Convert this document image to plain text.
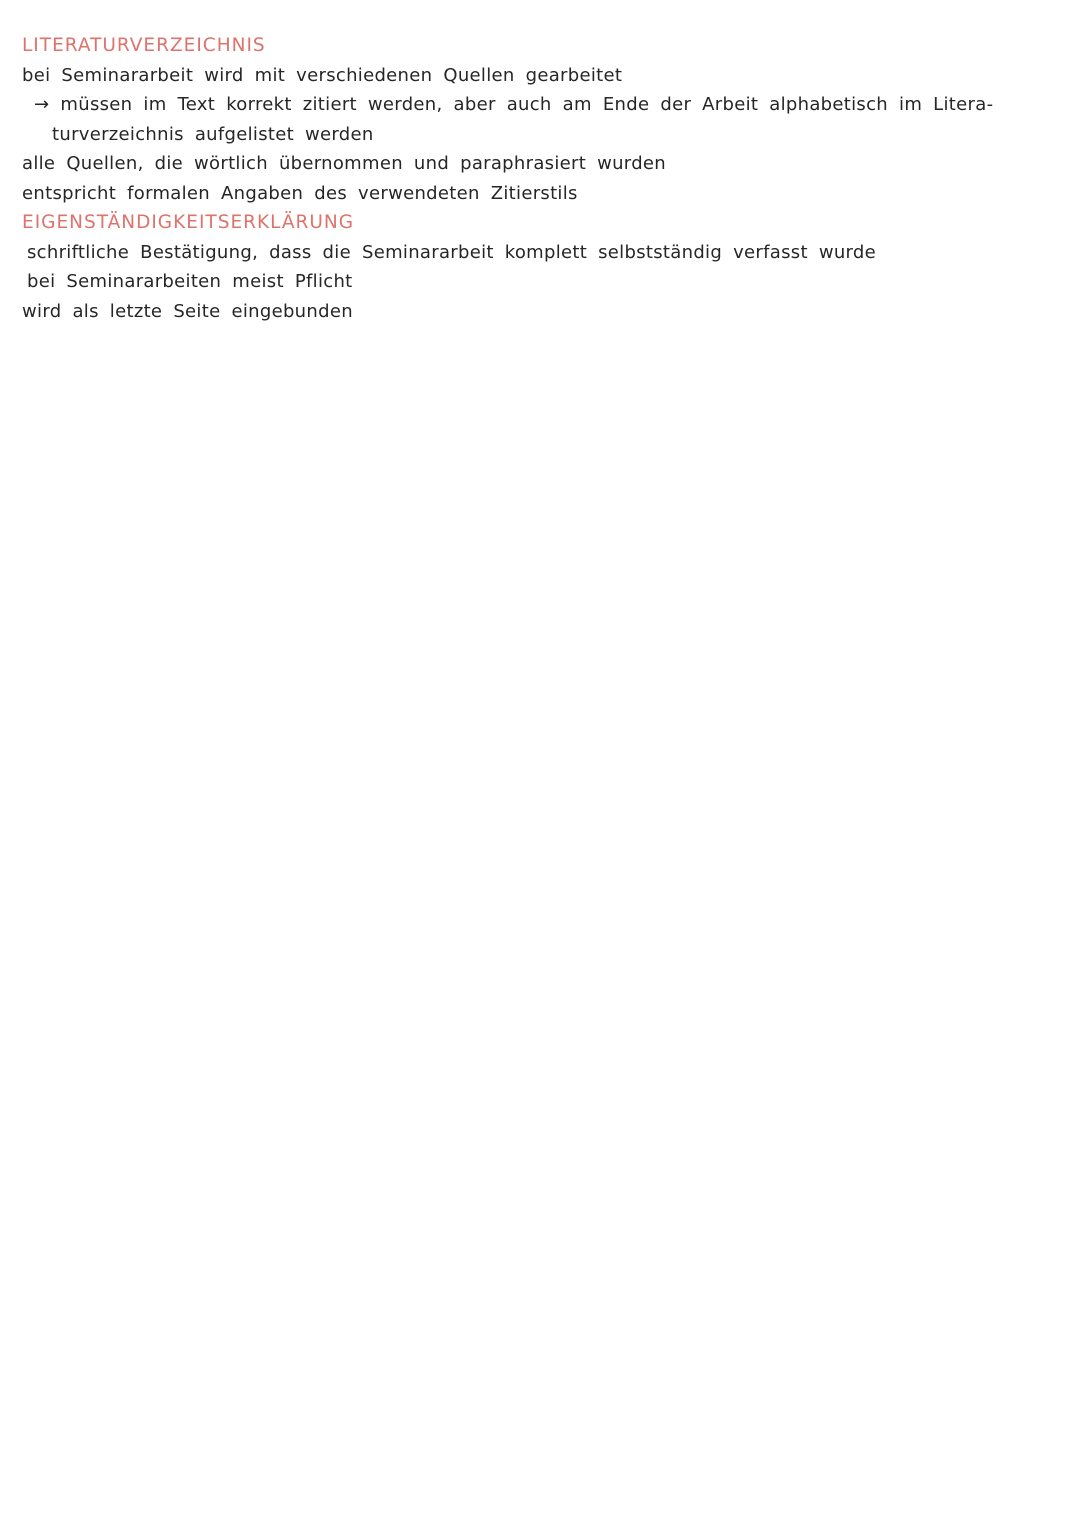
LITERATURVERZEICHNIS
bei Seminararbeit wird mit verschiedenen Quellen gearbeitet
→ müssen im Text korrekt zitiert werden, aber auch am Ende der Arbeit alphabetisch im Litera-
turverzeichnis aufgelistet werden
alle Quellen, die wörtlich übernommen und paraphrasiert wurden
entspricht formalen Angaben des verwendeten Zitierstils
EIGENSTÄNDIGKEITSERKLÄRUNG
schriftliche Bestätigung, dass die Seminararbeit komplett selbstständig verfasst wurde
bei Seminararbeiten meist Pflicht
wird als letzte Seite eingebunden
